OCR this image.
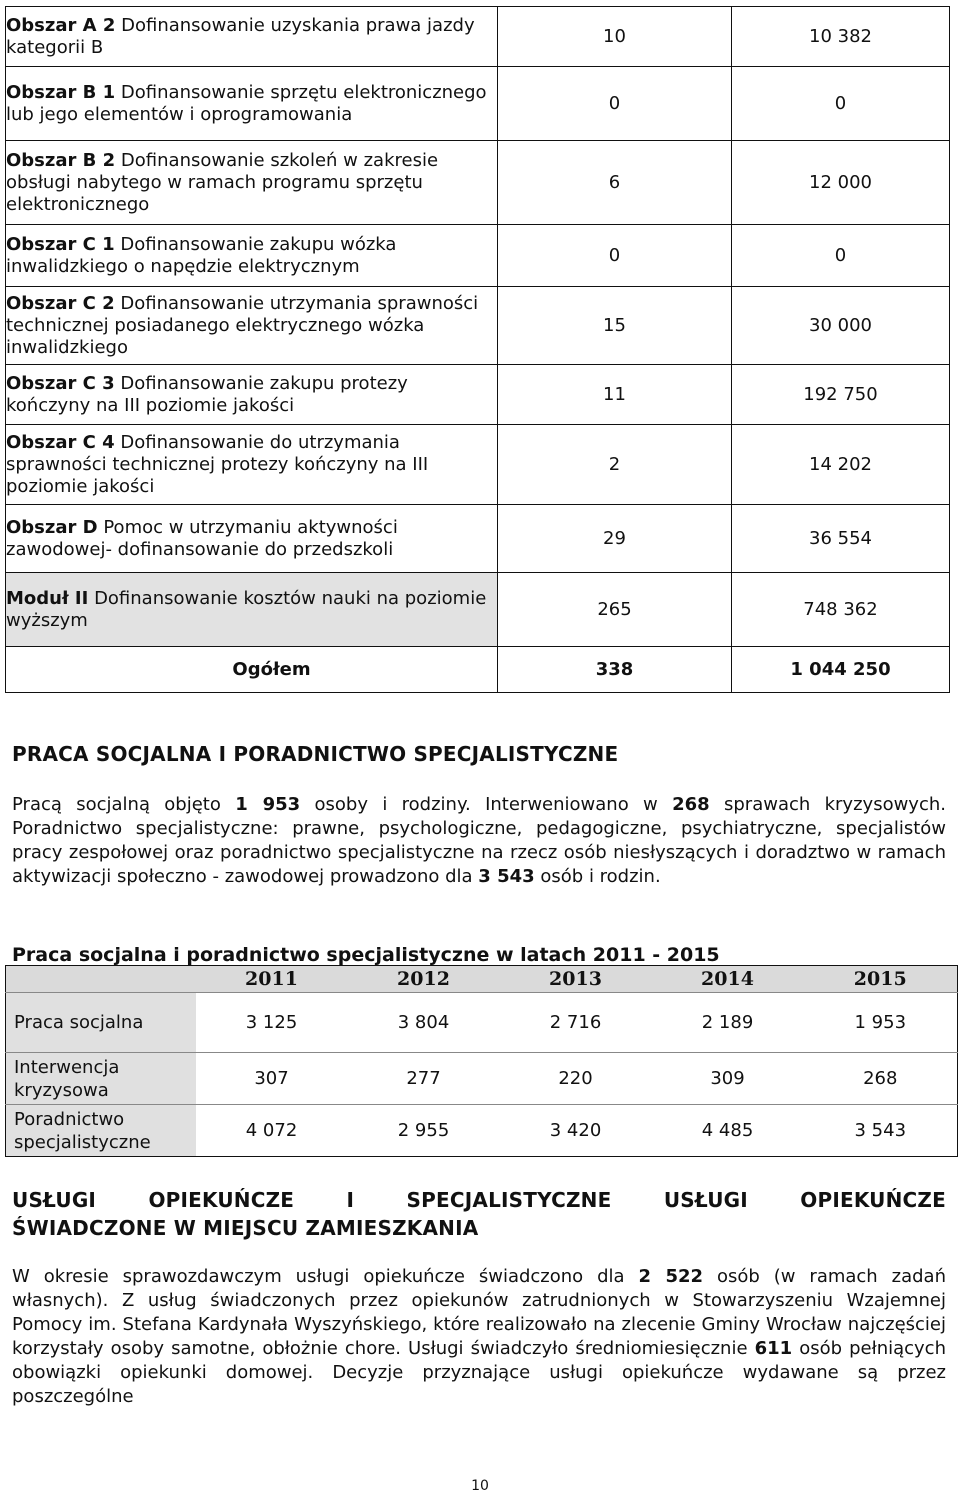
Obszar A 2 Dofinansowanie uzyskania prawa jazdy kategorii B	10	10 382
Obszar B 1 Dofinansowanie sprzętu elektronicznego lub jego elementów i oprogramowania	0	0
Obszar B 2 Dofinansowanie szkoleń w zakresie obsługi nabytego w ramach programu sprzętu elektronicznego	6	12 000
Obszar C 1 Dofinansowanie zakupu wózka inwalidzkiego o napędzie elektrycznym	0	0
Obszar C 2 Dofinansowanie utrzymania sprawności technicznej posiadanego elektrycznego wózka inwalidzkiego	15	30 000
Obszar C 3 Dofinansowanie zakupu protezy kończyny na III poziomie jakości	11	192 750
Obszar C 4 Dofinansowanie do utrzymania sprawności technicznej protezy kończyny na III poziomie jakości	2	14 202
Obszar D Pomoc w utrzymaniu aktywności zawodowej- dofinansowanie do przedszkoli	29	36 554
Moduł II Dofinansowanie kosztów nauki na poziomie wyższym	265	748 362
Ogółem	338	1 044 250
PRACA SOCJALNA I PORADNICTWO SPECJALISTYCZNE
Pracą socjalną objęto 1 953 osoby i rodziny. Interweniowano w 268 sprawach kryzysowych. Poradnictwo specjalistyczne: prawne, psychologiczne, pedagogiczne, psychiatryczne, specjalistów pracy zespołowej oraz poradnictwo specjalistyczne na rzecz osób niesłyszących i doradztwo w ramach aktywizacji społeczno - zawodowej prowadzono dla 3 543 osób i rodzin.
Praca socjalna i poradnictwo specjalistyczne w latach 2011 - 2015
	2011	2012	2013	2014	2015
Praca socjalna	3 125	3 804	2 716	2 189	1 953
Interwencja kryzysowa	307	277	220	309	268
Poradnictwo specjalistyczne	4 072	2 955	3 420	4 485	3 543
USŁUGI OPIEKUŃCZE I SPECJALISTYCZNE USŁUGI OPIEKUŃCZE
ŚWIADCZONE W MIEJSCU ZAMIESZKANIA
W okresie sprawozdawczym usługi opiekuńcze świadczono dla 2 522 osób (w ramach zadań własnych). Z usług świadczonych przez opiekunów zatrudnionych w Stowarzyszeniu Wzajemnej Pomocy im. Stefana Kardynała Wyszyńskiego, które realizowało na zlecenie Gminy Wrocław najczęściej korzystały osoby samotne, obłożnie chore. Usługi świadczyło średniomiesięcznie 611 osób pełniących obowiązki opiekunki domowej. Decyzje przyznające usługi opiekuńcze wydawane są przez poszczególne
10
